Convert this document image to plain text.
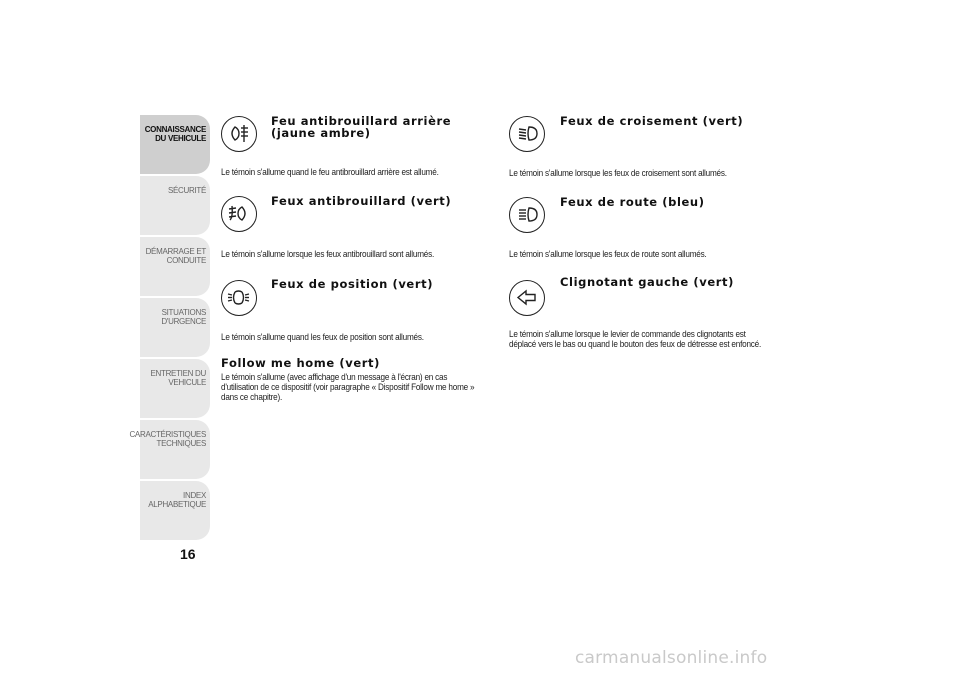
CONNAISSANCE
DU VEHICULE
SÉCURITÉ
DÉMARRAGE ET
CONDUITE
SITUATIONS
D'URGENCE
ENTRETIEN DU
VEHICULE
CARACTÉRISTIQUES
TECHNIQUES
INDEX
ALPHABETIQUE
16
Feu antibrouillard arrière (jaune ambre)
Le témoin s'allume quand le feu antibrouillard arrière est allumé.
Feux antibrouillard (vert)
Le témoin s'allume lorsque les feux antibrouillard sont allumés.
Feux de position (vert)
Le témoin s'allume quand les feux de position sont allumés.
Follow me home (vert)
Le témoin s'allume (avec affichage d'un message à l'écran) en cas d'utilisation de ce dispositif (voir paragraphe « Dispositif Follow me home » dans ce chapitre).
Feux de croisement (vert)
Le témoin s'allume lorsque les feux de croisement sont allumés.
Feux de route (bleu)
Le témoin s'allume lorsque les feux de route sont allumés.
Clignotant gauche (vert)
Le témoin s'allume lorsque le levier de commande des clignotants est déplacé vers le bas ou quand le bouton des feux de détresse est enfoncé.
carmanualsonline.info
